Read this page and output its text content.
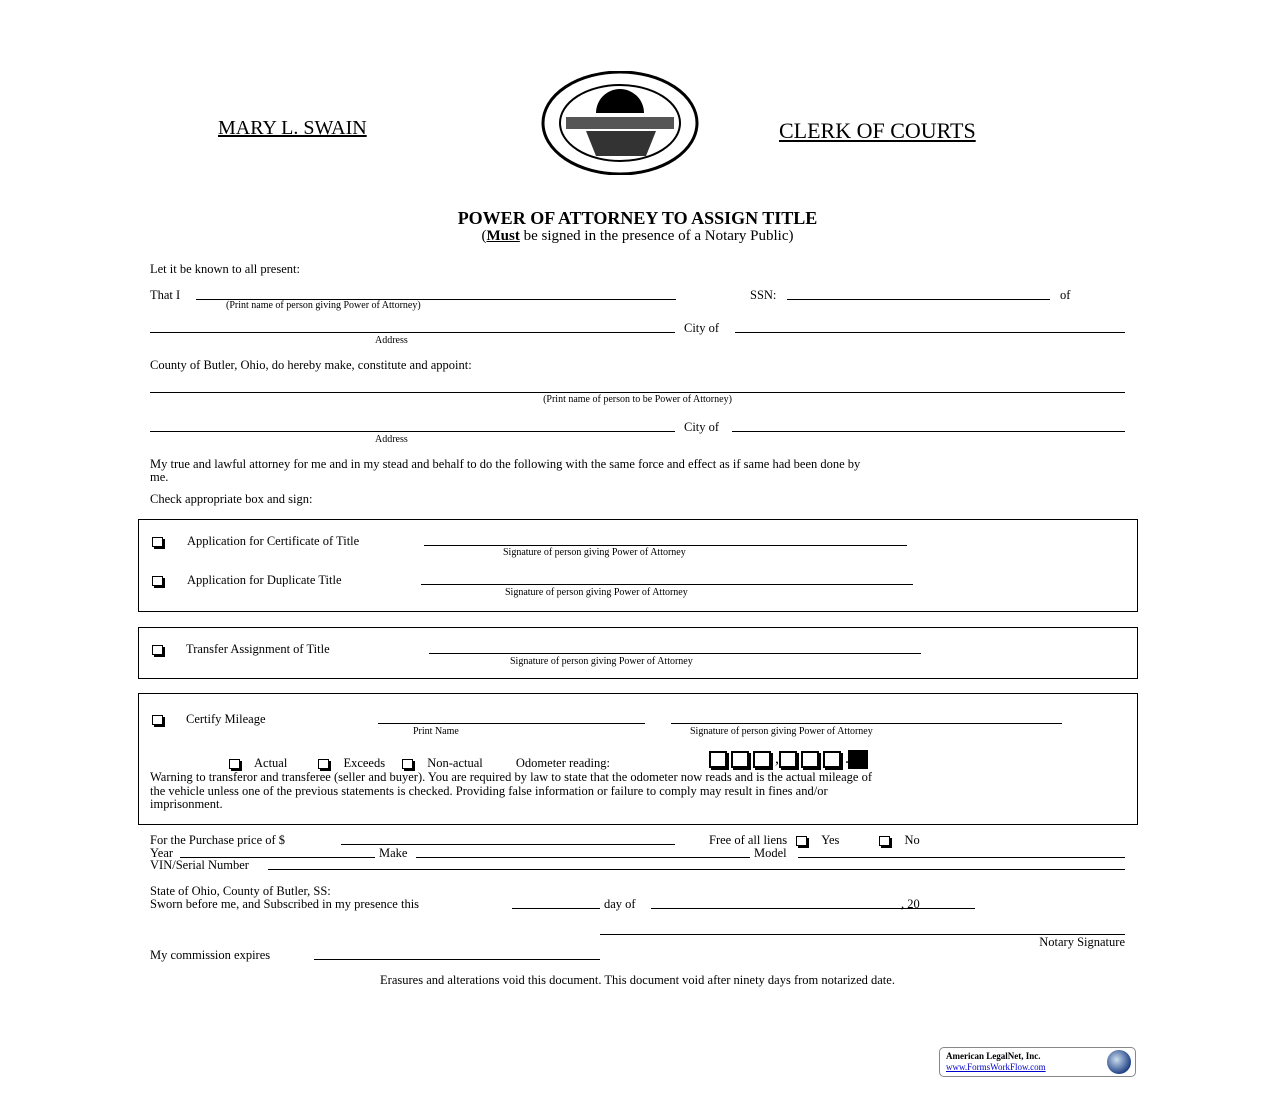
MARY L. SWAIN	CLERK OF COURTS
POWER OF ATTORNEY TO ASSIGN TITLE
(Must be signed in the presence of a Notary Public)
Let it be known to all present:
That I	SSN:	of
(Print name of person giving Power of Attorney)
City of
Address
County of Butler, Ohio, do hereby make, constitute and appoint:
(Print name of person to be Power of Attorney)
City of
Address
My true and lawful attorney for me and in my stead and behalf to do the following with the same force and effect as if same had been done by
me.
Check appropriate box and sign:
Application for Certificate of Title
Signature of person giving Power of Attorney
Application for Duplicate Title
Signature of person giving Power of Attorney
Transfer Assignment of Title
Signature of person giving Power of Attorney
Certify Mileage
Print Name	Signature of person giving Power of Attorney
Actual	Exceeds	Non-actual	Odometer reading:	,	.
Warning to transferor and transferee (seller and buyer). You are required by law to state that the odometer now reads and is the actual mileage of
the vehicle unless one of the previous statements is checked. Providing false information or failure to comply may result in fines and/or
imprisonment.
For the Purchase price of $	Free of all liens	Yes	No
Year	Make	Model
VIN/Serial Number
State of Ohio, County of Butler, SS:
Sworn before me, and Subscribed in my presence this	day of	, 20
Notary Signature
My commission expires
Erasures and alterations void this document. This document void after ninety days from notarized date.
American LegalNet, Inc.
www.FormsWorkFlow.com
